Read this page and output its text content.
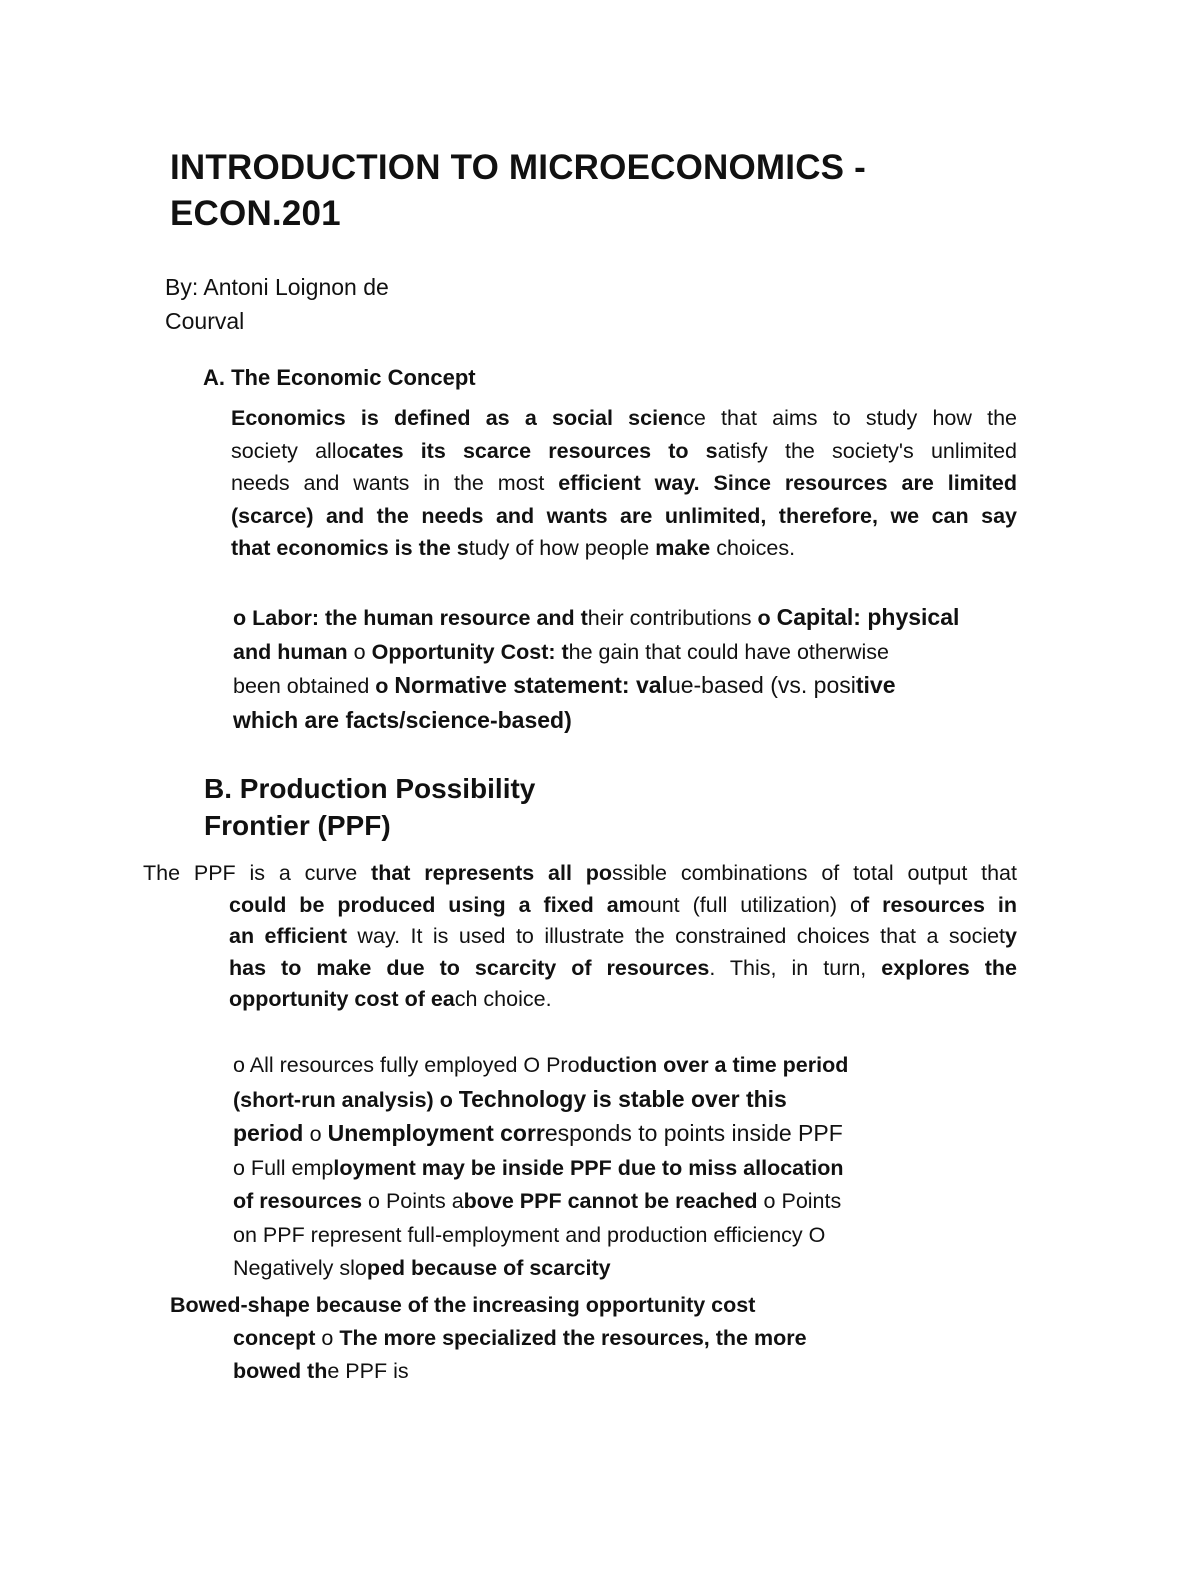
INTRODUCTION TO MICROECONOMICS -
ECON.201
By: Antoni Loignon de
Courval
A. The Economic Concept
Economics is defined as a social science that aims to study how the
society allocates its scarce resources to satisfy the society's unlimited
needs and wants in the most efficient way. Since resources are limited
(scarce) and the needs and wants are unlimited, therefore, we can say
that economics is the study of how people make choices.
o Labor: the human resource and their contributions o Capital: physical
and human o Opportunity Cost: the gain that could have otherwise
been obtained o Normative statement: value-based (vs. positive
which are facts/science-based)
B. Production Possibility
Frontier (PPF)
The PPF is a curve that represents all possible combinations of total output that
could be produced using a fixed amount (full utilization) of resources in
an efficient way. It is used to illustrate the constrained choices that a society
has to make due to scarcity of resources. This, in turn, explores the
opportunity cost of each choice.
o All resources fully employed O Production over a time period
(short-run analysis) o Technology is stable over this
period o Unemployment corresponds to points inside PPF
o Full employment may be inside PPF due to miss allocation
of resources o Points above PPF cannot be reached o Points
on PPF represent full-employment and production efficiency O
Negatively sloped because of scarcity
Bowed-shape because of the increasing opportunity cost
concept o The more specialized the resources, the more
bowed the PPF is
